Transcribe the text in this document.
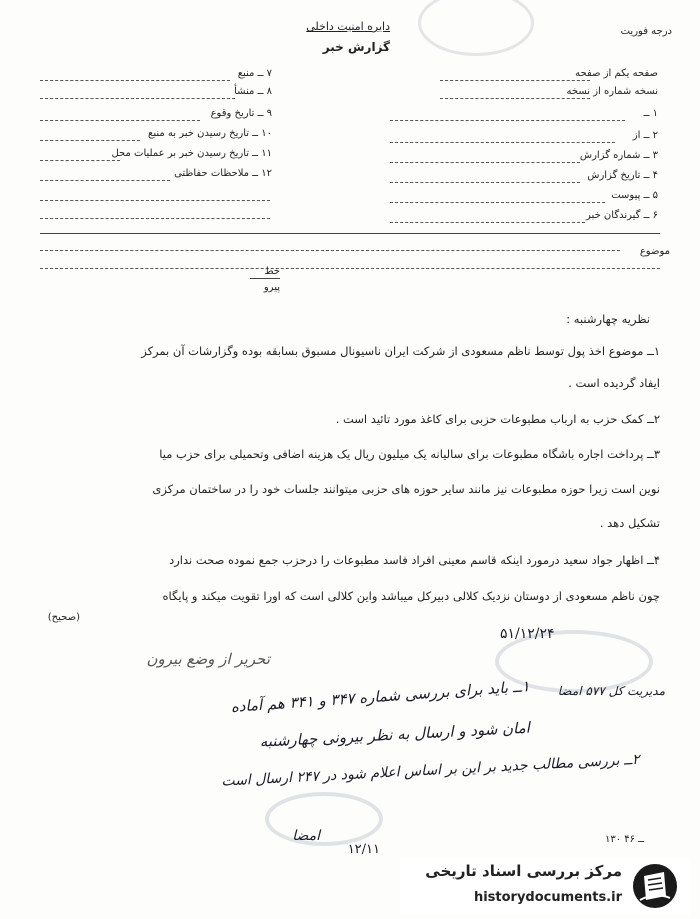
درجه فوریت
دایره امنیت داخلی
گزارش خبر
صفحه یکم از صفحه
نسخه شماره از نسخه
۱ ــ
۲ ــ از
۳ ــ شماره گزارش
۴ ــ تاریخ گزارش
۵ ــ پیوست
۶ ــ گیرندگان خبر
۷ ــ منبع
۸ ــ منشأ
۹ ــ تاریخ وقوع
۱۰ ــ تاریخ رسیدن خبر به منبع
۱۱ ــ تاریخ رسیدن خبر بر عملیات محل
۱۲ ــ ملاحظات حفاظتی
موضوع
خط
پیرو
نظریه چهارشنبه :
۱ــ موضوع اخذ پول توسط ناظم مسعودی از شرکت ایران ناسیونال مسبوق بسابقه بوده وگزارشات آن بمرکز
ایفاد گردیده است .
۲ــ کمک حزب به ارباب مطبوعات حزبی برای کاغذ مورد تائید است .
۳ــ پرداخت اجاره باشگاه مطبوعات برای سالیانه یک میلیون ریال یک هزینه اضافی وتحمیلی برای حزب میا
نوین است زیرا حوزه مطبوعات نیز مانند سایر حوزه های حزبی میتوانند جلسات خود را در ساختمان مرکزی
تشکیل دهد .
۴ــ اظهار جواد سعید درمورد اینکه قاسم معینی افراد فاسد مطبوعات را درحزب جمع نموده صحت ندارد
چون ناظم مسعودی از دوستان نزدیک کلالی دبیرکل میباشد واین کلالی است که اورا تقویت میکند و پایگاه
(صحیح)
تحریر از وضع بیرون
۵۱/۱۲/۲۴
مدیریت کل ۵۷۷ امضا
۱ــ باید برای بررسی شماره ۳۴۷ و ۳۴۱ هم آماده
امان شود و ارسال به نظر بیرونی چهارشنبه
۲ــ بررسی مطالب جدید بر این بر اساس اعلام شود در ۲۴۷ ارسال است
امضا
۱۲/۱۱
۱۳۰ ــ ۴۶
مرکز بررسی اسناد تاریخی
historydocuments.ir
